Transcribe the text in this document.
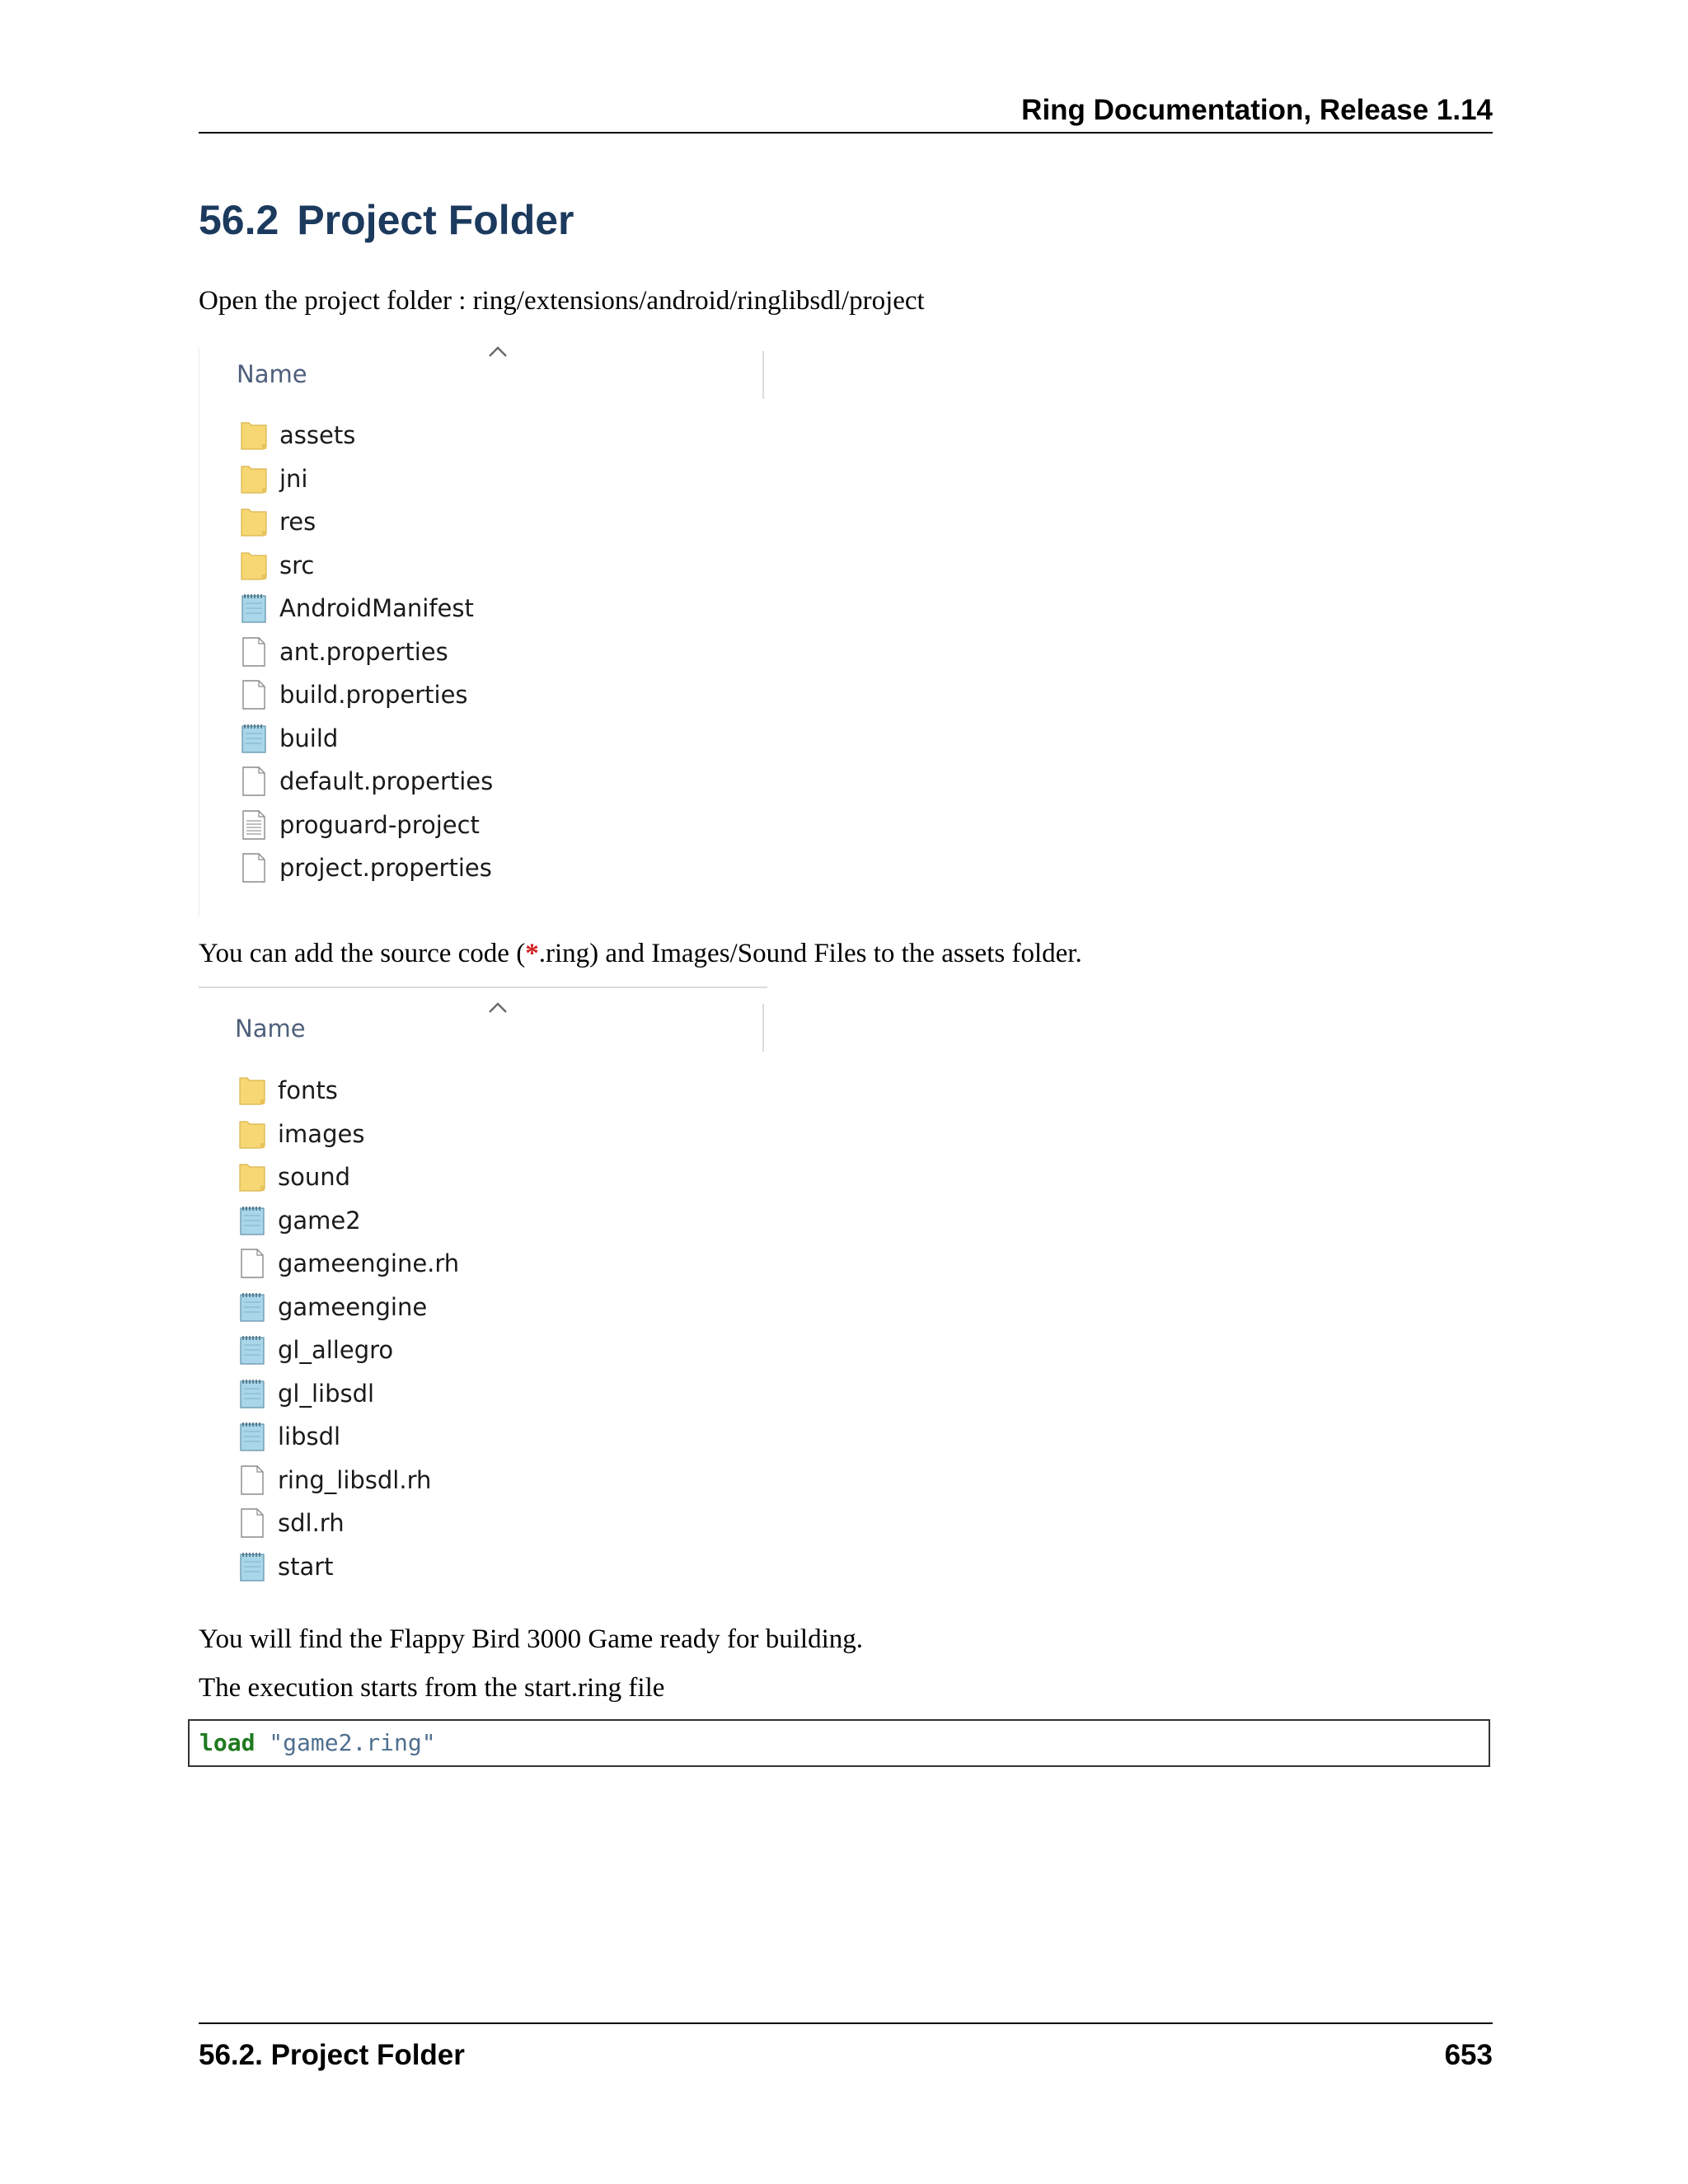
Ring Documentation, Release 1.14
56.2 Project Folder

Open the project folder : ring/extensions/android/ringlibsdl/project

Name
assets
jni
res
src
AndroidManifest
ant.properties
build.properties
build
default.properties
proguard-project
project.properties

You can add the source code (*.ring) and Images/Sound Files to the assets folder.

Name
fonts
images
sound
game2
gameengine.rh
gameengine
gl_allegro
gl_libsdl
libsdl
ring_libsdl.rh
sdl.rh
start

You will find the Flappy Bird 3000 Game ready for building.

The execution starts from the start.ring file

load "game2.ring"
56.2. Project Folder	653
